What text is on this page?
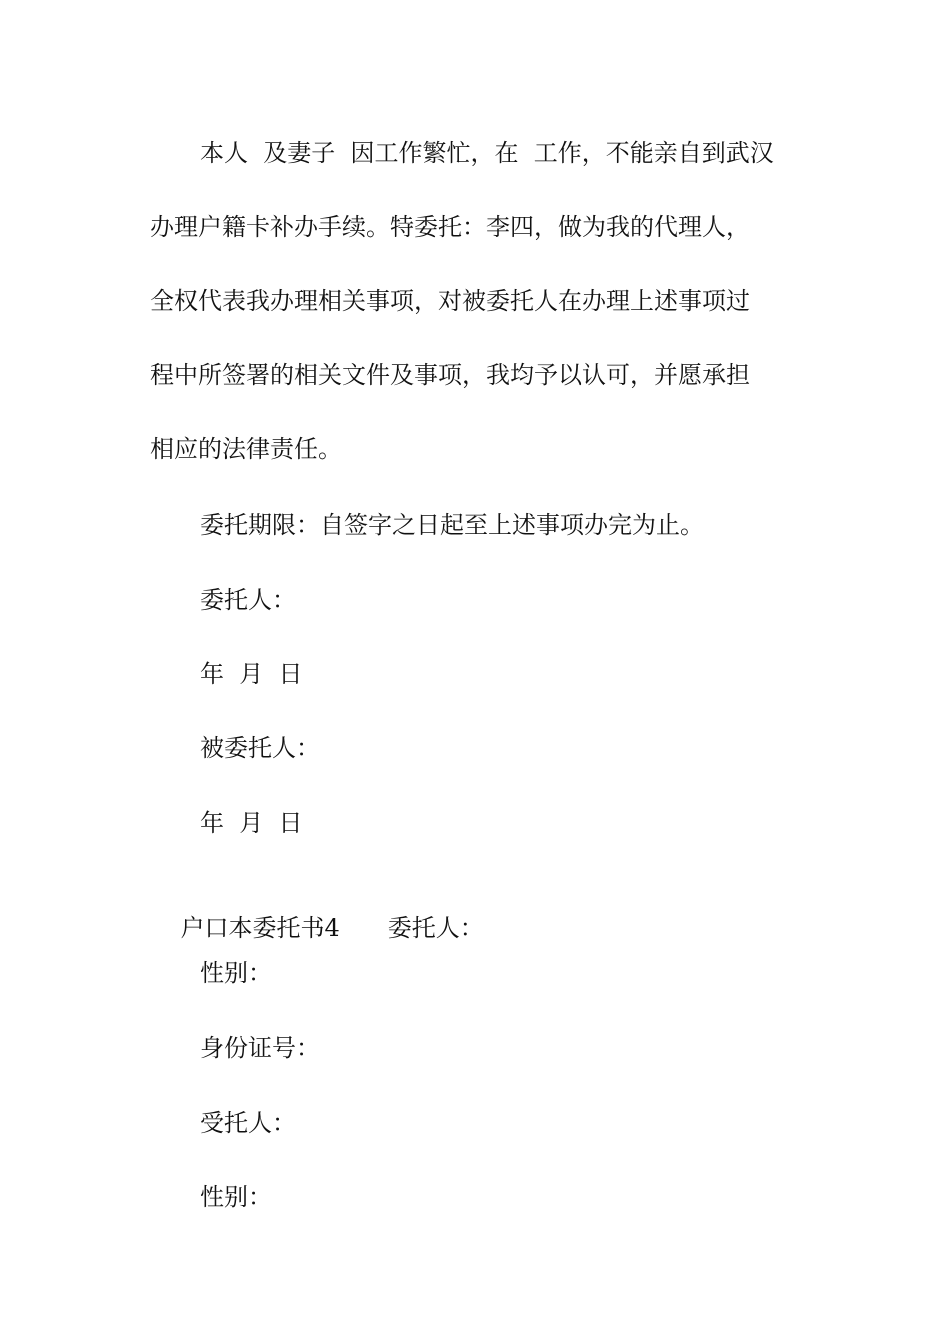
本人  及妻子  因工作繁忙，在  工作，不能亲自到武汉
办理户籍卡补办手续。特委托：李四，做为我的代理人，
全权代表我办理相关事项，对被委托人在办理上述事项过
程中所签署的相关文件及事项，我均予以认可，并愿承担
相应的法律责任。
委托期限：自签字之日起至上述事项办完为止。
委托人：
年  月  日
被委托人：
年  月  日

户口本委托书4 委托人：

性别：
身份证号：
受托人：
性别：
